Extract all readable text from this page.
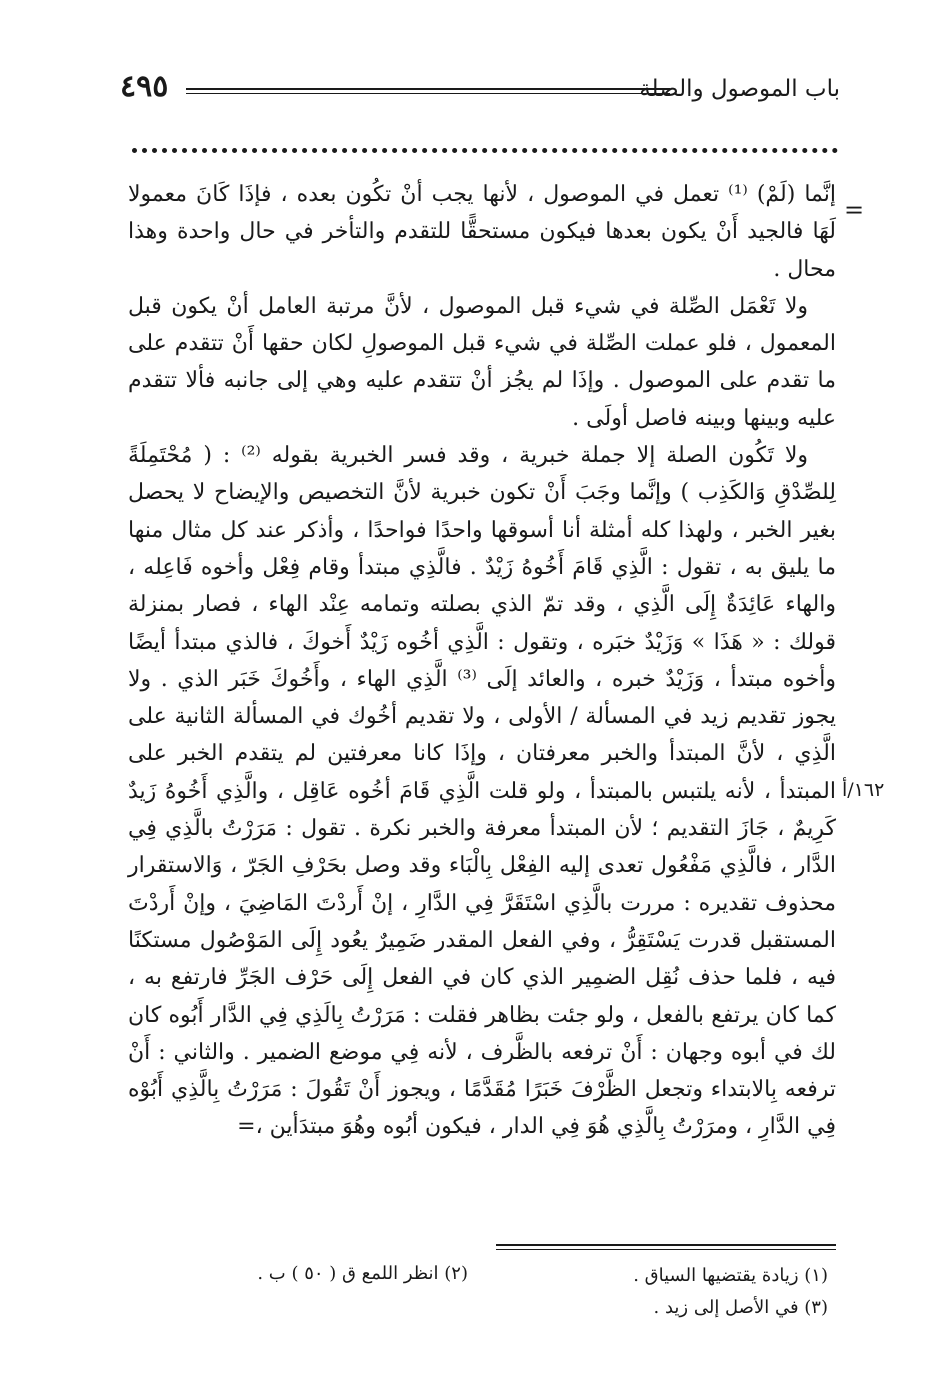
٤٩٥	باب الموصول والصلة
=
١٦٢/أ

إنَّما (لَمْ) ⁽¹⁾ تعمل في الموصول ، لأنها يجب أنْ تكُون بعده ، فإذَا كَانَ معمولا لَهَا فالجيد أَنْ يكون بعدها فيكون مستحقًّا للتقدم والتأخر في حال واحدة وهذا محال .

ولا تَعْمَل الصِّلة في شيء قبل الموصول ، لأنَّ مرتبة العامل أنْ يكون قبل المعمول ، فلو عملت الصِّلة في شيء قبل الموصولِ لكان حقها أَنْ تتقدم على ما تقدم على الموصول . وإذَا لم يجُز أنْ تتقدم عليه وهي إلى جانبه فألا تتقدم عليه وبينها وبينه فاصل أولَى .

ولا تَكُون الصلة إلا جملة خبرية ، وقد فسر الخبرية بقوله ⁽²⁾ : ( مُحْتَمِلَةً لِلصِّدْقِ وَالكَذِب ) وإنَّما وجَبَ أَنْ تكون خبرية لأنَّ التخصيص والإيضاح لا يحصل بغير الخبر ، ولهذا كله أمثلة أنا أسوقها واحدًا فواحدًا ، وأذكر عند كل مثال منها ما يليق به ، تقول : الَّذِي قَامَ أَخُوهُ زَيْدٌ . فالَّذِي مبتدأ وقام فِعْل وأخوه فَاعِله ، والهاء عَائِدَةٌ إِلَى الَّذِي ، وقد تمّ الذي بصلته وتمامه عِنْد الهاء ، فصار بمنزلة قولك : « هَذَا » وَزَيْدٌ خبَره ، وتقول : الَّذِي أخُوه زَيْدٌ أَخوكَ ، فالذي مبتدأ أيضًا وأخوه مبتدأ ، وَزَيْدٌ خبره ، والعائد إلَى ⁽³⁾ الَّذِي الهاء ، وأَخُوكَ خَبَر الذي . ولا يجوز تقديم زيد في المسألة / الأولى ، ولا تقديم أخُوك في المسألة الثانية على الَّذِي ، لأنَّ المبتدأ والخبر معرفتان ، وإذَا كانا معرفتين لم يتقدم الخبر على المبتدأ ، لأنه يلتبس بالمبتدأ ، ولو قلت الَّذِي قَامَ أخُوه عَاقِل ، والَّذِي أَخُوهُ زَيدٌ كَرِيمٌ ، جَازَ التقديم ؛ لأن المبتدأ معرفة والخبر نكرة . تقول : مَرَرْتُ بالَّذِي فِي الدَّار ، فالَّذِي مَفْعُول تعدى إليه الفِعْل بِالْبَاء وقد وصل بحَرْفِ الجَرّ ، وَالاستقرار محذوف تقديره : مررت بالَّذِي اسْتَقَرَّ فِي الدَّارِ ، إنْ أَردْتَ المَاضِيَ ، وإنْ أَردْتَ المستقبل قدرت يَسْتَقِرُّ ، وفي الفعل المقدر ضَمِيرٌ يعُود إِلَى المَوْصُول مستكنًا فيه ، فلما حذف نُقِل الضمِير الذي كان في الفعل إِلَى حَرْف الجَرِّ فارتفع به ، كما كان يرتفع بالفعل ، ولو جئت بظاهر فقلت : مَرَرْتُ بِالَذِي فِي الدَّار أَبُوه كان لك في أبوه وجهان : أَنْ ترفعه بالظَّرف ، لأنه فِي موضع الضمير . والثاني : أَنْ ترفعه بِالابتداء وتجعل الظَّرْفَ خَبَرًا مُقَدَّمًا ، ويجوز أَنْ تَقُولَ : مَرَرْتُ بِالَّذِي أَبُوْه فِي الدَّارِ ، ومرَرْتُ بِالَّذِي هُوَ فِي الدار ، فيكون أبُوه وهُوَ مبتدَأين ،=

(١) زيادة يقتضيها السياق .
(٢) انظر اللمع ق ( ٥٠ ) ب .
(٣) في الأصل إلى زيد .
